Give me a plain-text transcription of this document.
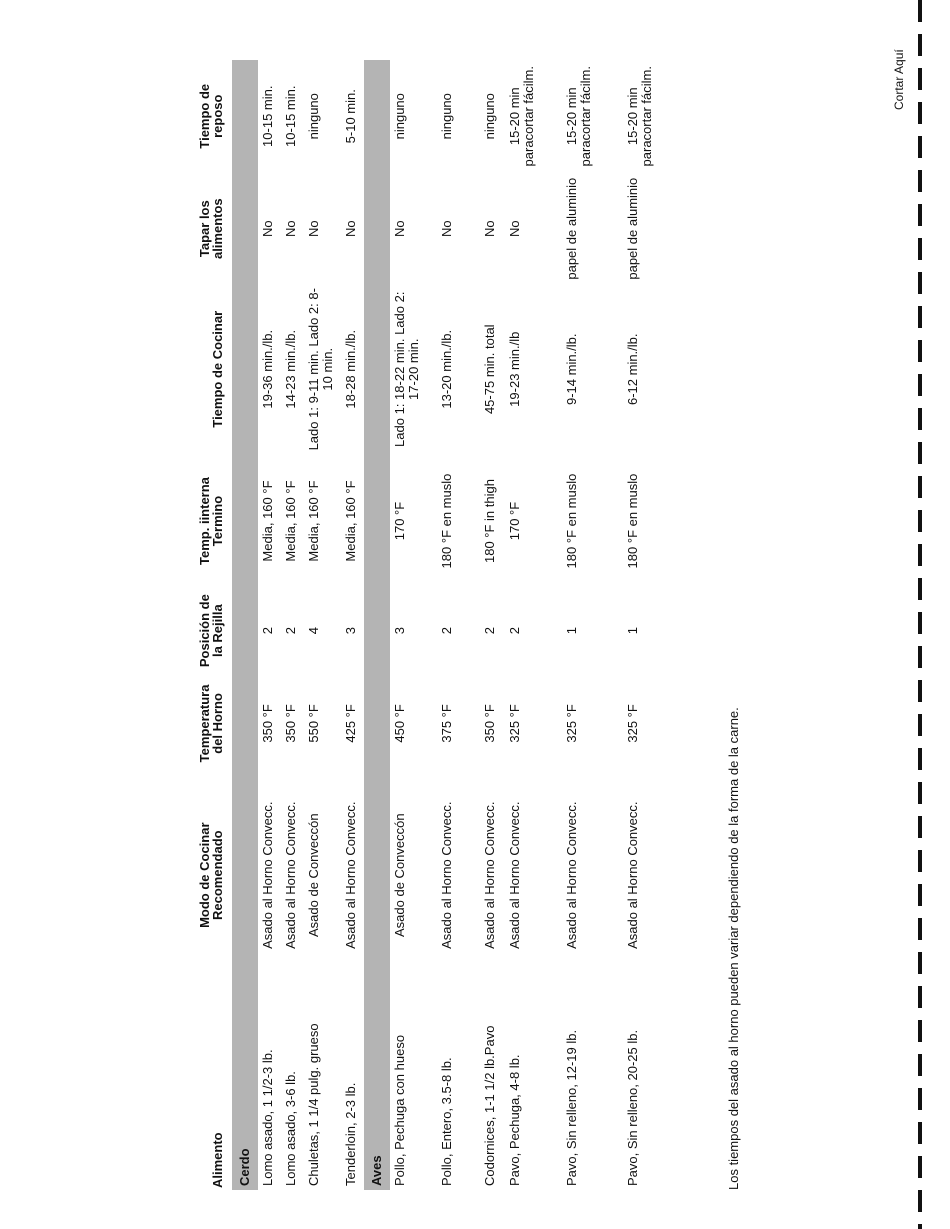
Cortar Aquí
Alimento	Modo de Cocinar Recomendado	Temperatura del Horno	Posición de la Rejilla	Temp. iinterna Termino	Tiempo de Cocinar	Tapar los alimentos	Tiempo de reposo
Cerdo							
Lomo asado, 1 1/2-3 lb.	Asado al Horno Convecc.	350 °F	2	Media, 160 °F	19-36 min./lb.	No	10-15 min.
Lomo asado, 3-6 lb.	Asado al Horno Convecc.	350 °F	2	Media, 160 °F	14-23 min./lb.	No	10-15 min.
Chuletas, 1 1/4 pulg. grueso	Asado de Conveccón	550 °F	4	Media, 160 °F	Lado 1: 9-11 min. Lado 2: 8-10 min.	No	ninguno
Tenderloin, 2-3 lb.	Asado al Horno Convecc.	425 °F	3	Media, 160 °F	18-28 min./lb.	No	5-10 min.
Aves							
Pollo, Pechuga con hueso	Asado de Conveccón	450 °F	3	170 °F	Lado 1: 18-22 min. Lado 2: 17-20 min.	No	ninguno
Pollo, Entero, 3.5-8 lb.	Asado al Horno Convecc.	375 °F	2	180 °F en muslo	13-20 min./lb.	No	ninguno
Codornices, 1-1 1/2 lb.Pavo	Asado al Horno Convecc.	350 °F	2	180 °F in thigh	45-75 min. total	No	ninguno
Pavo, Pechuga, 4-8 lb.	Asado al Horno Convecc.	325 °F	2	170 °F	19-23 min./lb	No	15-20 min paracortar fácilm.
Pavo, Sin relleno, 12-19 lb.	Asado al Horno Convecc.	325 °F	1	180 °F en muslo	9-14 min./lb.	papel de aluminio	15-20 min paracortar fácilm.
Pavo, Sin relleno, 20-25 lb.	Asado al Horno Convecc.	325 °F	1	180 °F en muslo	6-12 min./lb.	papel de aluminio	15-20 min paracortar fácilm.
Los tiempos del asado al horno pueden variar dependiendo de la forma de la carne.
